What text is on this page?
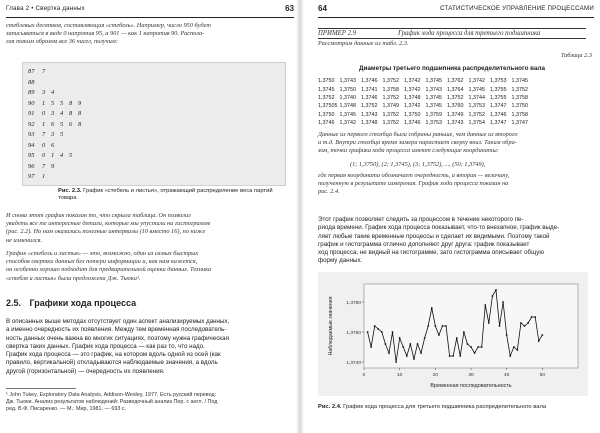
Глава 2 • Свертка данных	63

стеблевых десятков, составляющая «стебель». Например, число 950 будет

записываться в виде 0 напротив 95, а 901 — как 1 напротив 90. Распола-

гая таким образом все 36 чисел, получим:

87 7
88
89 3 4
90 1 5 5 8 9
91 0 3 4 8 8
92 1 6 5 6 8
93 7 3 5
94 0 6
95 0 1 4 5
96 7 9
97 1
Рис. 2.3. График «стебель и листья», отражающий распределение веса партий товара

И снова этот график показан то, что скрыла таблица. Он позволил

увидеть все те интересные детали, которые мы упустили на гистограмме

(рис. 2.2). Но нам оказались полезные интервалы (10 вместо 16), по ниже

не изменился.

График «стебель и листья» — это, возможно, один из самых быстрых

способов свертки данных без потери информации и, как нам кажется,

он особенно хорошо подходит для предварительной оценки данных. Техника

«стебля и листья» была предложена Дж. Тьюки¹.

2.5. Графики хода процесса

В описанных выше методах отсутствует один аспект анализируемых данных,

а именно очередность их появления. Между тем временная последователь-

ность данных очень важна во многих ситуациях, поэтому нужна графическая

свертка таких данных. График хода процесса — как раз то, что надо.

График хода процесса — это график, на котором вдоль одной из осей (как

правило, вертикальной) откладываются наблюдаемые значения, а вдоль

другой (горизонтальной) — очередность их появления.

¹ John Tukey, Exploratory Data Analysis, Addison-Wesley, 1977. Есть русский перевод:

Дж. Тьюки. Анализ результатов наблюдений: Разведочный анализ Пер. с англ. / Под

ред. В.Ф. Писаренко. — М.: Мир, 1981. — 693 с.

64	СТАТИСТИЧЕСКОЕ УПРАВЛЕНИЕ ПРОЦЕССАМИ
ПРИМЕР 2.9	График хода процесса для третьего подшипника

Рассмотрим данные из табл. 2.3.

Таблица 2.3

Диаметры третьего подшипника распределительного вала

1,3750	1,3743	1,3746	1,3752	1,3742	1,3745	1,3762	1,3742	1,3753	1,3745
1,3745	1,3750	1,3741	1,3758	1,3742	1,3743	1,3764	1,3745	1,3755	1,3752
1,3752	1,3740	1,3746	1,3752	1,3748	1,3745	1,3752	1,3744	1,3755	1,3758
1,37505	1,3748	1,3752	1,3749	1,3742	1,3745	1,3760	1,3753	1,3747	1,3750
1,3750	1,3745	1,3743	1,3752	1,3750	1,3759	1,3749	1,3752	1,3746	1,3758
1,3746	1,3742	1,3748	1,3752	1,3746	1,3753	1,3743	1,3754	1,3747	1,3747

Данные из первого столбца были собраны раньше, чем данные из второго

и т.д. Внутри столбца время замера нарастает сверху вниз. Таким обра-

зом, точки графика хода процесса имеют следующие координаты:

(1; 1,3750), (2; 1,3745), (3; 1,3752), ..., (50; 1,3749),

где первая координата обозначает очередность, а вторая — величину,

полученную в результате измерения. График хода процесса показан на

рис. 2.4.

Этот график позволяет следить за процессом в течение некоторого пе-

риода времени. График хода процесса показывает, что-то внезапное, график выде-

ляет любые такие временные процессы и сделает их видимыми. Поэтому такой

график и гистограмма отлично дополняют друг друга: график показывает

ход процесса, не видный на гистограмме, зато гистограмма описывает общую

форму данных.

1,3740
1,3750
1,3760
0	10	20	30	40	50
Временная последовательность
Наблюдаемые значения
Рис. 2.4. График хода процесса для третьего подшипника распределительного вала
